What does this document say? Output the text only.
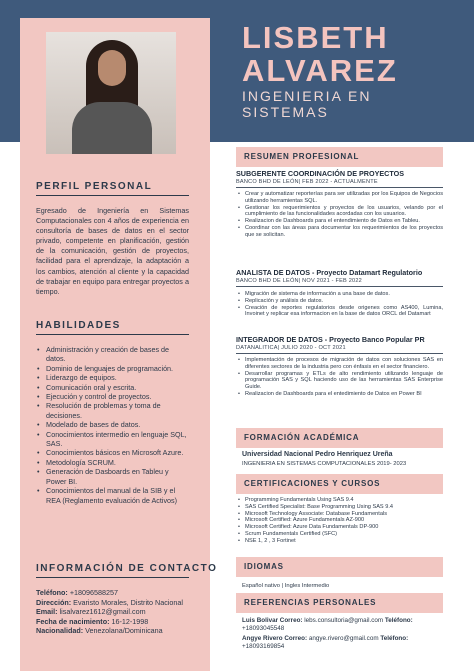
LISBETH
ALVAREZ
INGENIERIA EN
SISTEMAS
PERFIL PERSONAL
Egresado de Ingeniería en Sistemas Computacionales con 4 años de experiencia en consultoría de bases de datos en el sector privado, competente en planificación, gestión de la comunicación, gestión de proyectos, facilidad para el aprendizaje, la adaptación a los cambios, atención al cliente y la capacidad de trabajar en equipo para entregar proyectos a tiempo.
HABILIDADES
• Administración y creación de bases de datos.
• Dominio de lenguajes de programación.
• Liderazgo de equipos.
• Comunicación oral y escrita.
• Ejecución y control de proyectos.
• Resolución de problemas y toma de decisiones.
• Modelado de bases de datos.
• Conocimientos intermedio en lenguaje SQL, SAS.
• Conocimientos básicos en Microsoft Azure.
• Metodología SCRUM.
• Generación de Dasboards en Tableu y Power BI.
• Conocimientos del manual de la SIB y el REA (Reglamento evaluación de Activos)
INFORMACIÓN DE CONTACTO
Teléfono: +18096588257
Dirección: Evaristo Morales, Distrito Nacional
Email: lisalvarez1612@gmail.com
Fecha de nacimiento: 16-12-1998
Nacionalidad: Venezolana/Dominicana
RESUMEN PROFESIONAL
SUBGERENTE COORDINACIÓN DE PROYECTOS
BANCO BHD DE LEÓN| FEB 2022 - ACTUALMENTE
• Crear y automatizar reporterías para ser utilizadas por los Equipos de Negocios utilizando herramientas SQL.
• Gestionar los requerimientos y proyectos de los usuarios, velando por el cumplimiento de las funcionalidades acordadas con los usuarios.
• Realizacion de Dashboards para el entendimiento de Datos en Tableu.
• Coordinar con las áreas para documentar los requerimientos de los proyectos que se solicitan.
ANALISTA DE DATOS - Proyecto Datamart Regulatorio
BANCO BHD DE LEÓN| NOV 2021 - FEB 2022
• Migración de sistema de información a una base de datos.
• Replicación y análisis de datos.
• Creación de reportes regulatorios desde origenes como AS400, Lumina, Invoinet y replicar esa informacion en la base de datos ORCL del Datamart
INTEGRADOR DE DATOS - Proyecto Banco Popular PR
DATANALITICA| JULIO 2020 - OCT 2021
• Implementación de procesos de migración de datos con soluciones SAS en diferentes sectores de la industria pero con énfasis en el sector financiero.
• Desarrollar programas y ETLs de alto rendimiento utilizando lenguaje de programación SAS y SQL haciendo uso de las herramientas SAS Enterprise Guide.
• Realizacion de Dashboards para el entedimiento de Datos en Power BI
FORMACIÓN ACADÉMICA
Universidad Nacional Pedro Henriquez Ureña
INGENIERIA EN SISTEMAS COMPUTACIONALES 2019- 2023
CERTIFICACIONES Y CURSOS
• Programming Fundamentals Using SAS 9.4
• SAS Certified Specialist: Base Programming Using SAS 9.4
• Microsoft Technology Associate: Database Fundamentals
• Microsoft Certified: Azure Fundamentals AZ-900
• Microsoft Certified: Azure Data Fundamentals DP-900
• Scrum Fundamentals Certified (SFC)
• NSE 1, 2 , 3 Fortinet
IDIOMAS
Español nativo | Ingles Intermedio
REFERENCIAS PERSONALES
Luis Bolivar Correo: lebs.consultoria@gmail.com Teléfono:
+18093045548
Angye Rivero Correo: angye.rivero@gmail.com Teléfono:
+18093169854
